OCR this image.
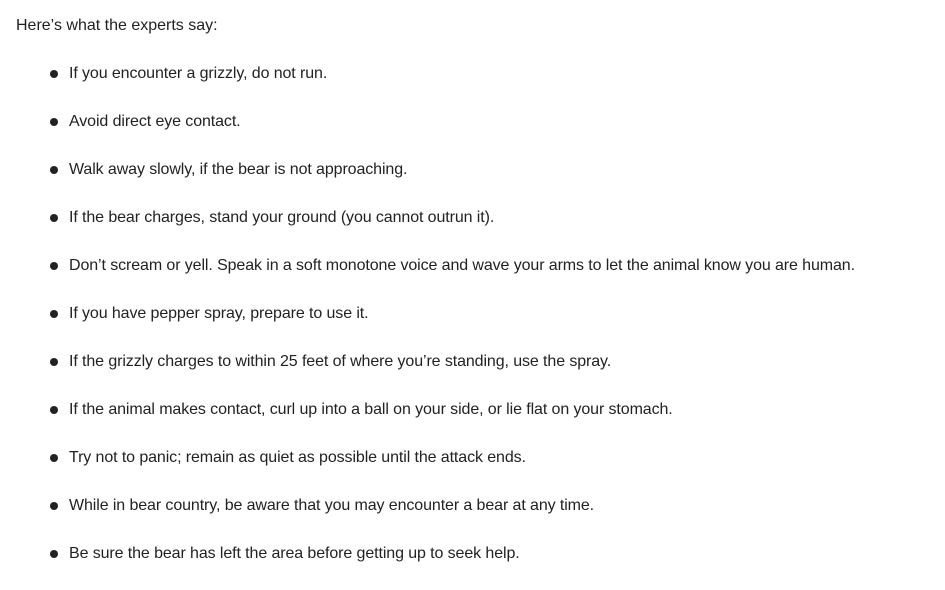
Here’s what the experts say:

If you encounter a grizzly, do not run.
Avoid direct eye contact.
Walk away slowly, if the bear is not approaching.
If the bear charges, stand your ground (you cannot outrun it).
Don’t scream or yell. Speak in a soft monotone voice and wave your arms to let the animal know you are human.
If you have pepper spray, prepare to use it.
If the grizzly charges to within 25 feet of where you’re standing, use the spray.
If the animal makes contact, curl up into a ball on your side, or lie flat on your stomach.
Try not to panic; remain as quiet as possible until the attack ends.
While in bear country, be aware that you may encounter a bear at any time.
Be sure the bear has left the area before getting up to seek help.
